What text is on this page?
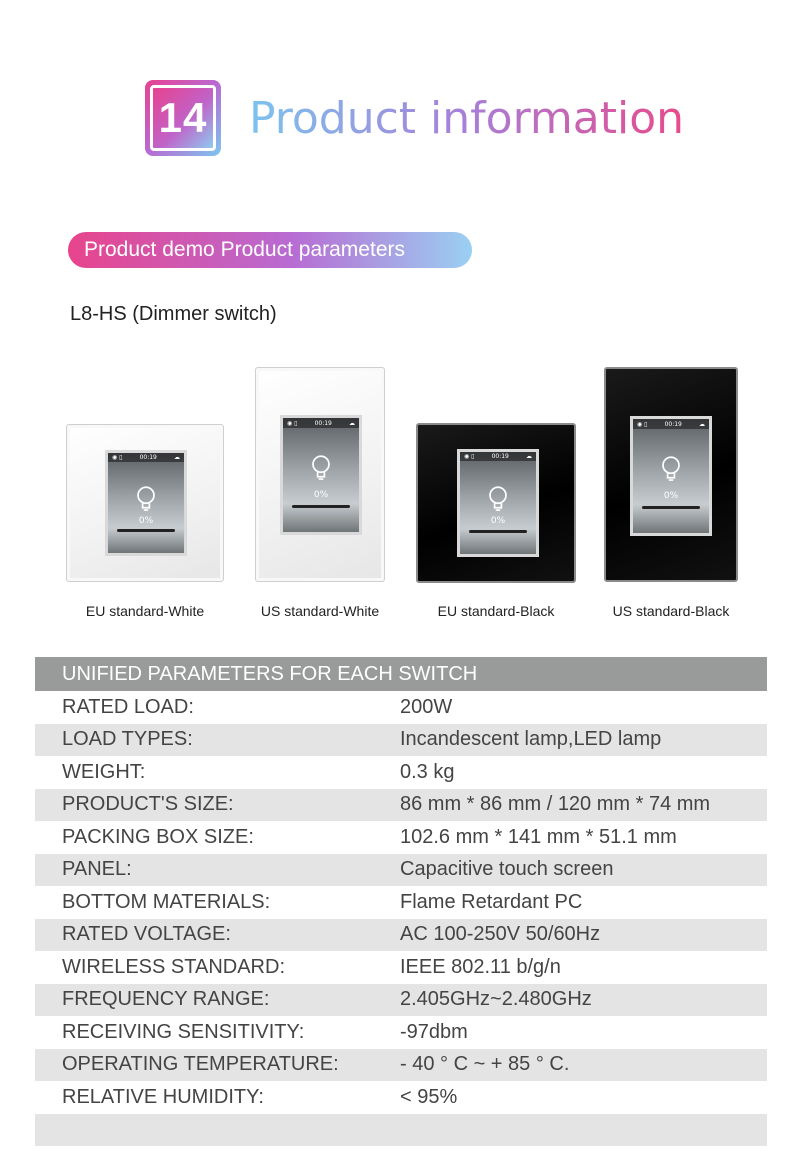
14 Product information
Product demo Product parameters
L8-HS (Dimmer switch)
◉ ▯	00:19	☁
0%
◉ ▯	00:19	☁
0%
◉ ▯	00:19	☁
0%
◉ ▯	00:19	☁
0%
EU standard-White	US standard-White	EU standard-Black	US standard-Black
UNIFIED PARAMETERS FOR EACH SWITCH
RATED LOAD:	200W
LOAD TYPES:	Incandescent lamp,LED lamp
WEIGHT:	0.3 kg
PRODUCT'S SIZE:	86 mm * 86 mm / 120 mm * 74 mm
PACKING BOX SIZE:	102.6 mm * 141 mm * 51.1 mm
PANEL:	Capacitive touch screen
BOTTOM MATERIALS:	Flame Retardant PC
RATED VOLTAGE:	AC 100-250V 50/60Hz
WIRELESS STANDARD:	IEEE 802.11 b/g/n
FREQUENCY RANGE:	2.405GHz~2.480GHz
RECEIVING SENSITIVITY:	-97dbm
OPERATING TEMPERATURE:	- 40 ° C ~ + 85 ° C.
RELATIVE HUMIDITY:	< 95%
